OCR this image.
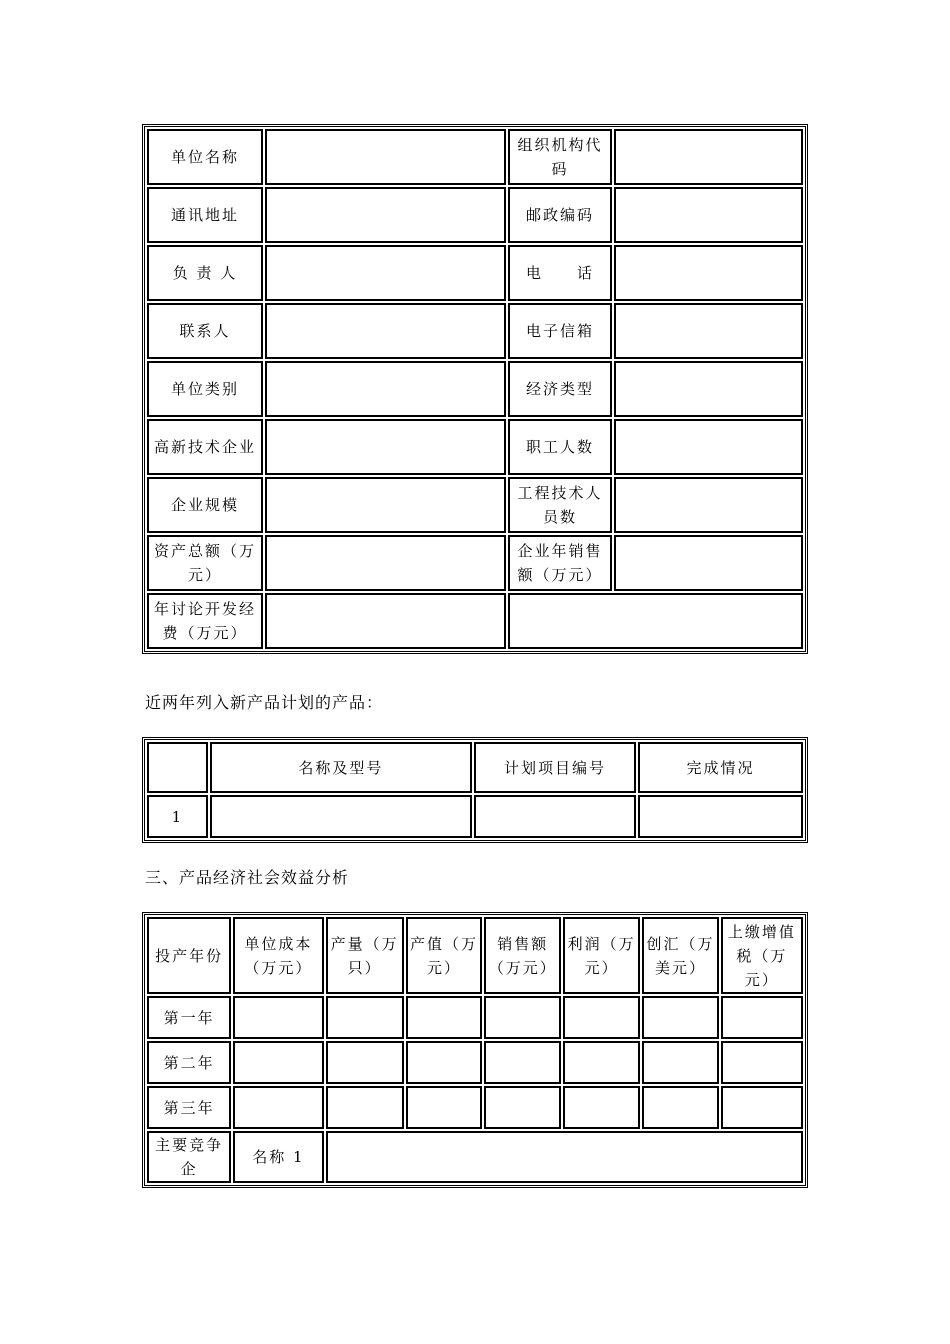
单位名称		组织机构代码	
通讯地址		邮政编码	
负 责 人		电　　话	
联系人		电子信箱	
单位类别		经济类型	
高新技术企业		职工人数	
企业规模		工程技术人员数	
资产总额（万元）		企业年销售额（万元）	
年讨论开发经费（万元）			
近两年列入新产品计划的产品：
	名称及型号	计划项目编号	完成情况
1			
三、产品经济社会效益分析
投产年份	单位成本（万元）	产量（万只）	产值（万元）	销售额（万元）	利润（万元）	创汇（万美元）	上缴增值税（万元）
第一年							
第二年							
第三年							
主要竞争企	名称 1						
